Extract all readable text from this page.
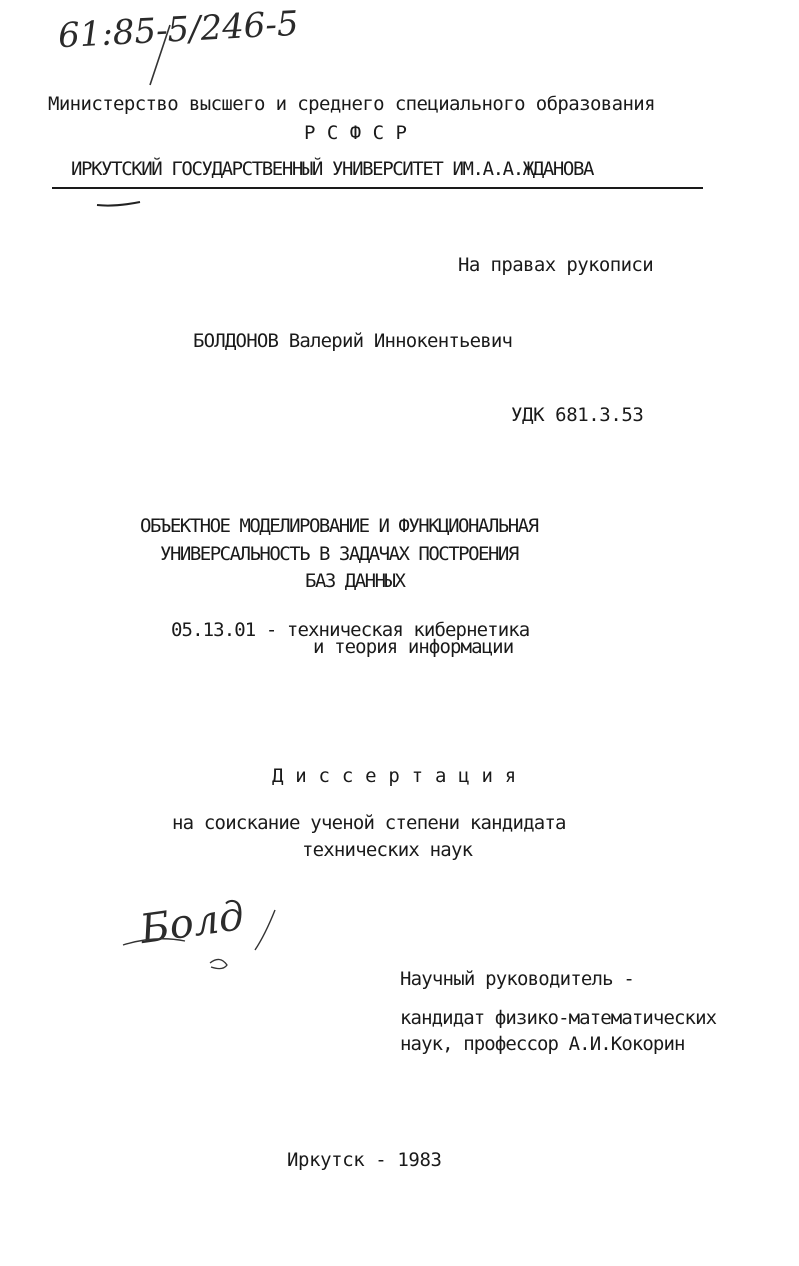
61:85-5/246-5
Министерство высшего и среднего специального образования
Р С Ф С Р
ИРКУТСКИЙ ГОСУДАРСТВЕННЫЙ УНИВЕРСИТЕТ ИМ.А.А.ЖДАНОВА
На правах рукописи
БОЛДОНОВ Валерий Иннокентьевич
УДК 681.3.53
ОБЪЕКТНОЕ МОДЕЛИРОВАНИЕ И ФУНКЦИОНАЛЬНАЯ
УНИВЕРСАЛЬНОСТЬ В ЗАДАЧАХ ПОСТРОЕНИЯ
БАЗ ДАННЫХ
05.13.01 - техническая кибернетика
и теория информации
Д и с с е р т а ц и я
на соискание ученой степени кандидата
технических наук
Болд
Научный руководитель -
кандидат физико-математических
наук, профессор А.И.Кокорин
Иркутск - 1983
